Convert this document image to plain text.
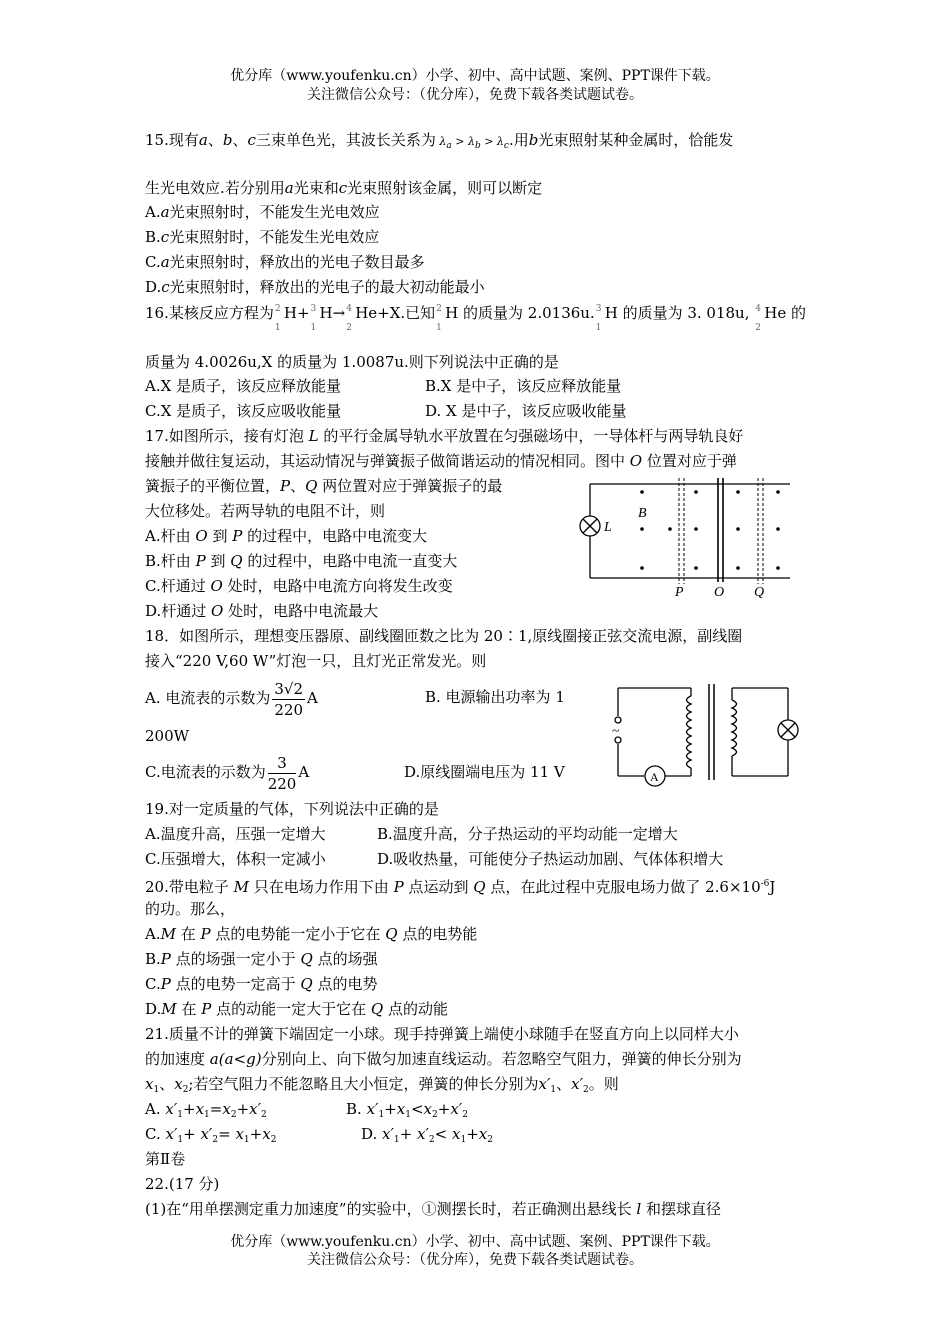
优分库（www.youfenku.cn）小学、初中、高中试题、案例、PPT课件下载。
关注微信公众号：（优分库），免费下载各类试题试卷。
15.现有a、b、c三束单色光，其波长关系为 $\lambda_a > \lambda_b > \lambda_c$.用b光束照射某种金属时，恰能发
生光电效应.若分别用a光束和c光束照射该金属，则可以断定
A.a光束照射时，不能发生光电效应
B.c光束照射时，不能发生光电效应
C.a光束照射时，释放出的光电子数目最多
D.c光束照射时，释放出的光电子的最大初动能最小
16.某核反应方程为 2
1
H+ 3
1
H→ 4
2
He+X.已知 2
1
H 的质量为 2.0136u. 3
1
H 的质量为 3. 018u, 4
2
He 的
质量为 4.0026u,X 的质量为 1.0087u.则下列说法中正确的是
A.X 是质子，该反应释放能量	B.X 是中子，该反应释放能量
C.X 是质子，该反应吸收能量	D. X 是中子，该反应吸收能量
17.如图所示，接有灯泡 L 的平行金属导轨水平放置在匀强磁场中，一导体杆与两导轨良好
接触并做往复运动，其运动情况与弹簧振子做简谐运动的情况相同。图中 O 位置对应于弹
簧振子的平衡位置，P、Q 两位置对应于弹簧振子的最
大位移处。若两导轨的电阻不计，则
A.杆由 O 到 P 的过程中，电路中电流变大
B.杆由 P 到 Q 的过程中，电路中电流一直变大
C.杆通过 O 处时，电路中电流方向将发生改变
D.杆通过 O 处时，电路中电流最大
L
B
P O Q
18．如图所示，理想变压器原、副线圈匝数之比为 20∶1,原线圈接正弦交流电源，副线圈
接入“220 V,60 W”灯泡一只，且灯光正常发光。则
A. 电流表的示数为 $\frac{3√2}{220}$ A	B. 电源输出功率为 1
200W
C.电流表的示数为 $\frac{3}{220}$ A	D.原线圈端电压为 11 V
~
A
19.对一定质量的气体，下列说法中正确的是
A.温度升高，压强一定增大	B.温度升高，分子热运动的平均动能一定增大
C.压强增大，体积一定减小	D.吸收热量，可能使分子热运动加剧、气体体积增大
20.带电粒子 M 只在电场力作用下由 P 点运动到 Q 点，在此过程中克服电场力做了 $2.6\times 10^{-6}J$
的功。那么，
A.M 在 P 点的电势能一定小于它在 Q 点的电势能
B.P 点的场强一定小于 Q 点的场强
C.P 点的电势一定高于 Q 点的电势
D.M 在 P 点的动能一定大于它在 Q 点的动能
21.质量不计的弹簧下端固定一小球。现手持弹簧上端使小球随手在竖直方向上以同样大小
的加速度 a(a<g)分别向上、向下做匀加速直线运动。若忽略空气阻力，弹簧的伸长分别为
$x_1$、$x_2$;若空气阻力不能忽略且大小恒定，弹簧的伸长分别为$x'_1$、$x'_2$。则
A. $x'_1+x_1=x_2+x'_2$	B. $x'_1+x_1<x_2+x'_2$
C. $x'_1+ x'_2= x_1+x_2$	D. $x'_1+ x'_2< x_1+x_2$
第Ⅱ卷
22.(17 分)
(1)在“用单摆测定重力加速度”的实验中，①测摆长时，若正确测出悬线长 l 和摆球直径
优分库（www.youfenku.cn）小学、初中、高中试题、案例、PPT课件下载。
关注微信公众号：（优分库），免费下载各类试题试卷。
